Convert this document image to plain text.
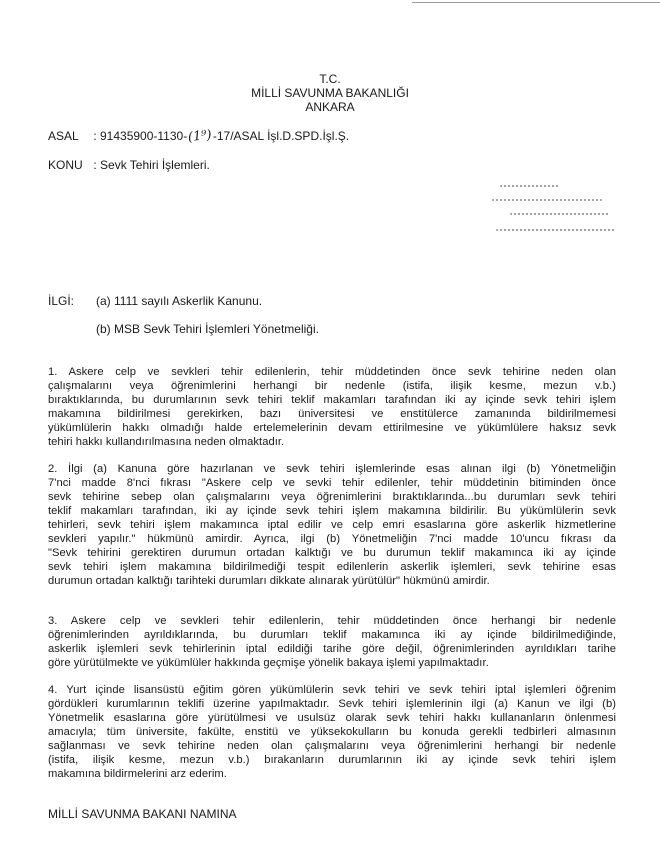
T.C.
MİLLİ SAVUNMA BAKANLIĞI
ANKARA
ASAL : 91435900-1130-(1⁹)-17/ASAL İşl.D.SPD.İşl.Ş.
KONU : Sevk Tehiri İşlemleri.
İLGİ: (a) 1111 sayılı Askerlik Kanunu.
(b) MSB Sevk Tehiri İşlemleri Yönetmeliği.
1. Askere celp ve sevkleri tehir edilenlerin, tehir müddetinden önce sevk tehirine neden olan
çalışmalarını veya öğrenimlerini herhangi bir nedenle (istifa, ilişik kesme, mezun v.b.)
bıraktıklarında, bu durumlarının sevk tehiri teklif makamları tarafından iki ay içinde sevk tehiri işlem
makamına bildirilmesi gerekirken, bazı üniversitesi ve enstitülerce zamanında bildirilmemesi
yükümlülerin hakkı olmadığı halde ertelemelerinin devam ettirilmesine ve yükümlülere haksız sevk
tehiri hakkı kullandırılmasına neden olmaktadır.
2. İlgi (a) Kanuna göre hazırlanan ve sevk tehiri işlemlerinde esas alınan ilgi (b) Yönetmeliğin
7'nci madde 8'nci fıkrası "Askere celp ve sevki tehir edilenler, tehir müddetinin bitiminden önce
sevk tehirine sebep olan çalışmalarını veya öğrenimlerini bıraktıklarında...bu durumları sevk tehiri
teklif makamları tarafından, iki ay içinde sevk tehiri işlem makamına bildirilir. Bu yükümlülerin sevk
tehirleri, sevk tehiri işlem makamınca iptal edilir ve celp emri esaslarına göre askerlik hizmetlerine
sevkleri yapılır." hükmünü amirdir. Ayrıca, ilgi (b) Yönetmeliğin 7'nci madde 10'uncu fıkrası da
"Sevk tehirini gerektiren durumun ortadan kalktığı ve bu durumun teklif makamınca iki ay içinde
sevk tehiri işlem makamına bildirilmediği tespit edilenlerin askerlik işlemleri, sevk tehirine esas
durumun ortadan kalktığı tarihteki durumları dikkate alınarak yürütülür" hükmünü amirdir.
3. Askere celp ve sevkleri tehir edilenlerin, tehir müddetinden önce herhangi bir nedenle
öğrenimlerinden ayrıldıklarında, bu durumları teklif makamınca iki ay içinde bildirilmediğinde,
askerlik işlemleri sevk tehirlerinin iptal edildiği tarihe göre değil, öğrenimlerinden ayrıldıkları tarihe
göre yürütülmekte ve yükümlüler hakkında geçmişe yönelik bakaya işlemi yapılmaktadır.
4. Yurt içinde lisansüstü eğitim gören yükümlülerin sevk tehiri ve sevk tehiri iptal işlemleri öğrenim
gördükleri kurumlarının teklifi üzerine yapılmaktadır. Sevk tehiri işlemlerinin ilgi (a) Kanun ve ilgi (b)
Yönetmelik esaslarına göre yürütülmesi ve usulsüz olarak sevk tehiri hakkı kullananların önlenmesi
amacıyla; tüm üniversite, fakülte, enstitü ve yüksekokulların bu konuda gerekli tedbirleri almasının
sağlanması ve sevk tehirine neden olan çalışmalarını veya öğrenimlerini herhangi bir nedenle
(istifa, ilişik kesme, mezun v.b.) bırakanların durumlarının iki ay içinde sevk tehiri işlem
makamına bildirmelerini arz ederim.
MİLLİ SAVUNMA BAKANI NAMINA
